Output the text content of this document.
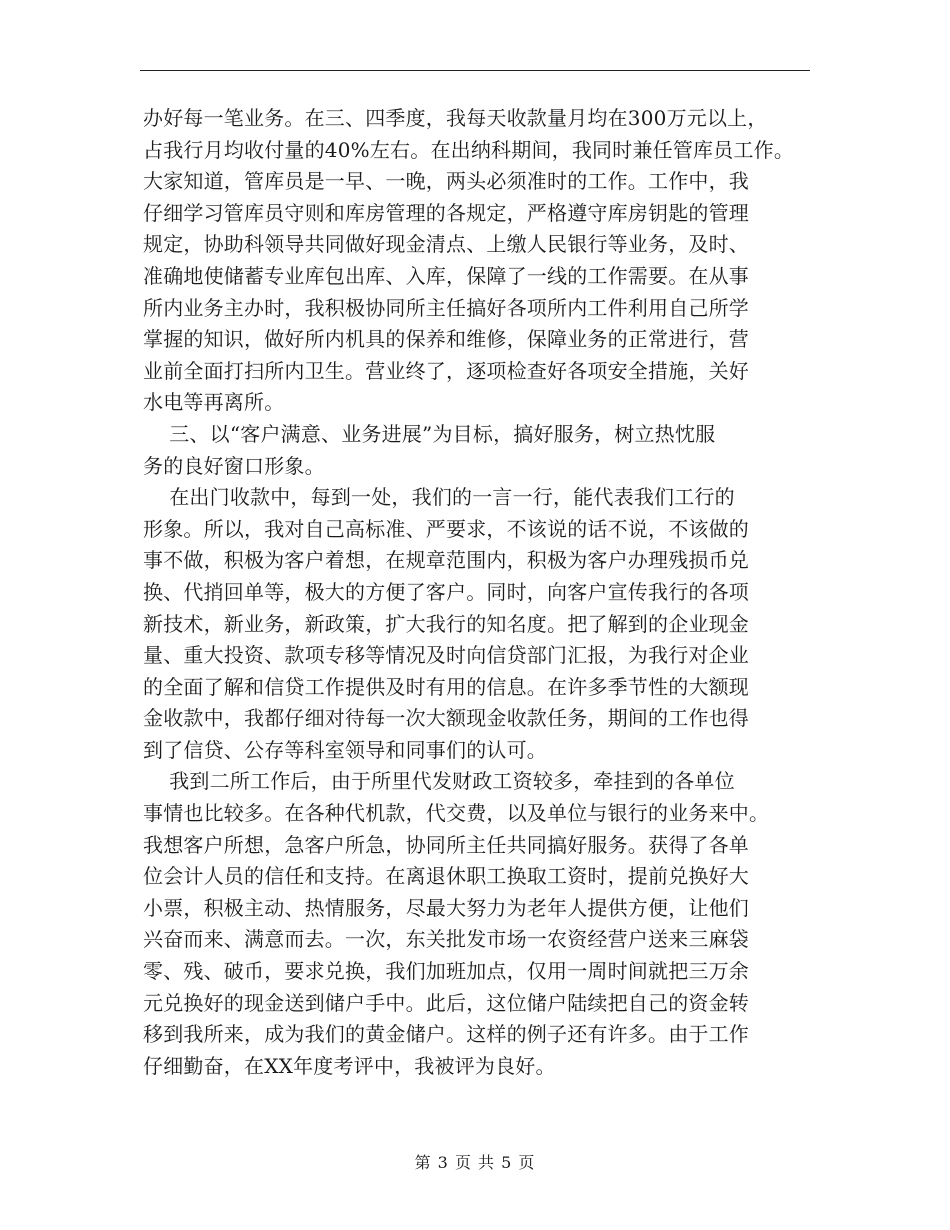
办好每一笔业务。在三、四季度，我每天收款量月均在300万元以上，
占我行月均收付量的40%左右。在出纳科期间，我同时兼任管库员工作。
大家知道，管库员是一早、一晚，两头必须准时的工作。工作中，我
仔细学习管库员守则和库房管理的各规定，严格遵守库房钥匙的管理
规定，协助科领导共同做好现金清点、上缴人民银行等业务，及时、
准确地使储蓄专业库包出库、入库，保障了一线的工作需要。在从事
所内业务主办时，我积极协同所主任搞好各项所内工件利用自己所学
掌握的知识，做好所内机具的保养和维修，保障业务的正常进行，营
业前全面打扫所内卫生。营业终了，逐项检查好各项安全措施，关好
水电等再离所。
三、以“客户满意、业务进展”为目标，搞好服务，树立热忱服
务的良好窗口形象。
在出门收款中，每到一处，我们的一言一行，能代表我们工行的
形象。所以，我对自己高标准、严要求，不该说的话不说，不该做的
事不做，积极为客户着想，在规章范围内，积极为客户办理残损币兑
换、代捎回单等，极大的方便了客户。同时，向客户宣传我行的各项
新技术，新业务，新政策，扩大我行的知名度。把了解到的企业现金
量、重大投资、款项专移等情况及时向信贷部门汇报，为我行对企业
的全面了解和信贷工作提供及时有用的信息。在许多季节性的大额现
金收款中，我都仔细对待每一次大额现金收款任务，期间的工作也得
到了信贷、公存等科室领导和同事们的认可。
我到二所工作后，由于所里代发财政工资较多，牵挂到的各单位
事情也比较多。在各种代机款，代交费，以及单位与银行的业务来中。
我想客户所想，急客户所急，协同所主任共同搞好服务。获得了各单
位会计人员的信任和支持。在离退休职工换取工资时，提前兑换好大
小票，积极主动、热情服务，尽最大努力为老年人提供方便，让他们
兴奋而来、满意而去。一次，东关批发市场一农资经营户送来三麻袋
零、残、破币，要求兑换，我们加班加点，仅用一周时间就把三万余
元兑换好的现金送到储户手中。此后，这位储户陆续把自己的资金转
移到我所来，成为我们的黄金储户。这样的例子还有许多。由于工作
仔细勤奋，在XX年度考评中，我被评为良好。
第 3 页 共 5 页
